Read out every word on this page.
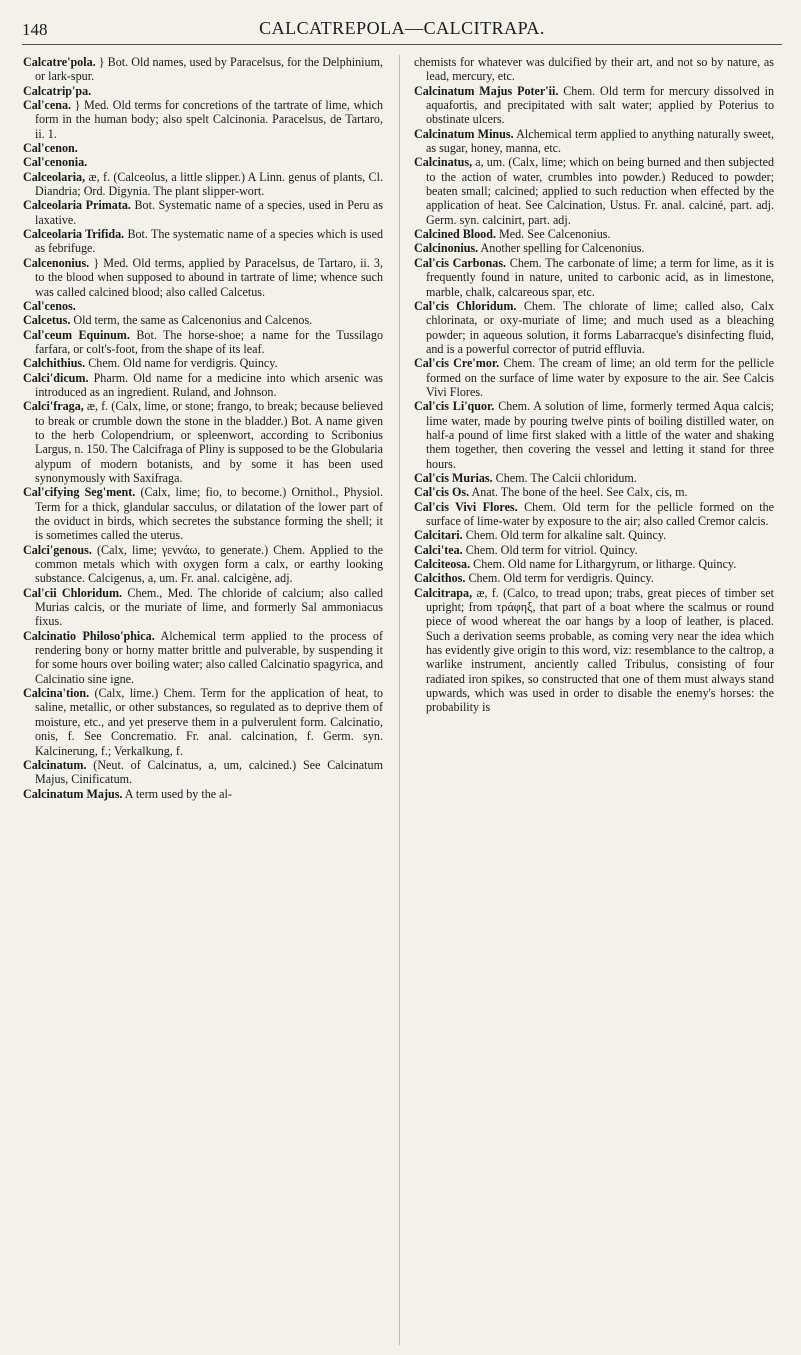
148	CALCATREPOLA—CALCITRAPA.

Calcatre'pola. } Bot. Old names, used by Paracelsus, for the Delphinium, or lark-spur.

Calcatrip'pa.

Cal'cena. } Med. Old terms for concretions of the tartrate of lime, which form in the human body; also spelt Calcinonia. Paracelsus, de Tartaro, ii. 1.

Cal'cenon.

Cal'cenonia.

Calceolaria, æ, f. (Calceolus, a little slipper.) A Linn. genus of plants, Cl. Diandria; Ord. Digynia. The plant slipper-wort.

Calceolaria Primata. Bot. Systematic name of a species, used in Peru as laxative.

Calceolaria Trifida. Bot. The systematic name of a species which is used as febrifuge.

Calcenonius. } Med. Old terms, applied by Paracelsus, de Tartaro, ii. 3, to the blood when supposed to abound in tartrate of lime; whence such was called calcined blood; also called Calcetus.

Cal'cenos.

Calcetus. Old term, the same as Calcenonius and Calcenos.

Cal'ceum Equinum. Bot. The horse-shoe; a name for the Tussilago farfara, or colt's-foot, from the shape of its leaf.

Calchithius. Chem. Old name for verdigris. Quincy.

Calci'dicum. Pharm. Old name for a medicine into which arsenic was introduced as an ingredient. Ruland, and Johnson.

Calci'fraga, æ, f. (Calx, lime, or stone; frango, to break; because believed to break or crumble down the stone in the bladder.) Bot. A name given to the herb Colopendrium, or spleenwort, according to Scribonius Largus, n. 150. The Calcifraga of Pliny is supposed to be the Globularia alypum of modern botanists, and by some it has been used synonymously with Saxifraga.

Cal'cifying Seg'ment. (Calx, lime; fio, to become.) Ornithol., Physiol. Term for a thick, glandular sacculus, or dilatation of the lower part of the oviduct in birds, which secretes the substance forming the shell; it is sometimes called the uterus.

Calci'genous. (Calx, lime; γεννάω, to generate.) Chem. Applied to the common metals which with oxygen form a calx, or earthy looking substance. Calcigenus, a, um. Fr. anal. calcigène, adj.

Cal'cii Chloridum. Chem., Med. The chloride of calcium; also called Murias calcis, or the muriate of lime, and formerly Sal ammoniacus fixus.

Calcinatio Philoso'phica. Alchemical term applied to the process of rendering bony or horny matter brittle and pulverable, by suspending it for some hours over boiling water; also called Calcinatio spagyrica, and Calcinatio sine igne.

Calcina'tion. (Calx, lime.) Chem. Term for the application of heat, to saline, metallic, or other substances, so regulated as to deprive them of moisture, etc., and yet preserve them in a pulverulent form. Calcinatio, onis, f. See Concrematio. Fr. anal. calcination, f. Germ. syn. Kalcinerung, f.; Verkalkung, f.

Calcinatum. (Neut. of Calcinatus, a, um, calcined.) See Calcinatum Majus, Cinificatum.

Calcinatum Majus. A term used by the al-

chemists for whatever was dulcified by their art, and not so by nature, as lead, mercury, etc.

Calcinatum Majus Poter'ii. Chem. Old term for mercury dissolved in aquafortis, and precipitated with salt water; applied by Poterius to obstinate ulcers.

Calcinatum Minus. Alchemical term applied to anything naturally sweet, as sugar, honey, manna, etc.

Calcinatus, a, um. (Calx, lime; which on being burned and then subjected to the action of water, crumbles into powder.) Reduced to powder; beaten small; calcined; applied to such reduction when effected by the application of heat. See Calcination, Ustus. Fr. anal. calciné, part. adj. Germ. syn. calcinirt, part. adj.

Calcined Blood. Med. See Calcenonius.

Calcinonius. Another spelling for Calcenonius.

Cal'cis Carbonas. Chem. The carbonate of lime; a term for lime, as it is frequently found in nature, united to carbonic acid, as in limestone, marble, chalk, calcareous spar, etc.

Cal'cis Chloridum. Chem. The chlorate of lime; called also, Calx chlorinata, or oxy-muriate of lime; and much used as a bleaching powder; in aqueous solution, it forms Labarracque's disinfecting fluid, and is a powerful corrector of putrid effluvia.

Cal'cis Cre'mor. Chem. The cream of lime; an old term for the pellicle formed on the surface of lime water by exposure to the air. See Calcis Vivi Flores.

Cal'cis Li'quor. Chem. A solution of lime, formerly termed Aqua calcis; lime water, made by pouring twelve pints of boiling distilled water, on half-a pound of lime first slaked with a little of the water and shaking them together, then covering the vessel and letting it stand for three hours.

Cal'cis Murias. Chem. The Calcii chloridum.

Cal'cis Os. Anat. The bone of the heel. See Calx, cis, m.

Cal'cis Vivi Flores. Chem. Old term for the pellicle formed on the surface of lime-water by exposure to the air; also called Cremor calcis.

Calcitari. Chem. Old term for alkaline salt. Quincy.

Calci'tea. Chem. Old term for vitriol. Quincy.

Calciteosa. Chem. Old name for Lithargyrum, or litharge. Quincy.

Calcithos. Chem. Old term for verdigris. Quincy.

Calcitrapa, æ, f. (Calco, to tread upon; trabs, great pieces of timber set upright; from τράφηξ, that part of a boat where the scalmus or round piece of wood whereat the oar hangs by a loop of leather, is placed. Such a derivation seems probable, as coming very near the idea which has evidently give origin to this word, viz: resemblance to the caltrop, a warlike instrument, anciently called Tribulus, consisting of four radiated iron spikes, so constructed that one of them must always stand upwards, which was used in order to disable the enemy's horses: the probability is
